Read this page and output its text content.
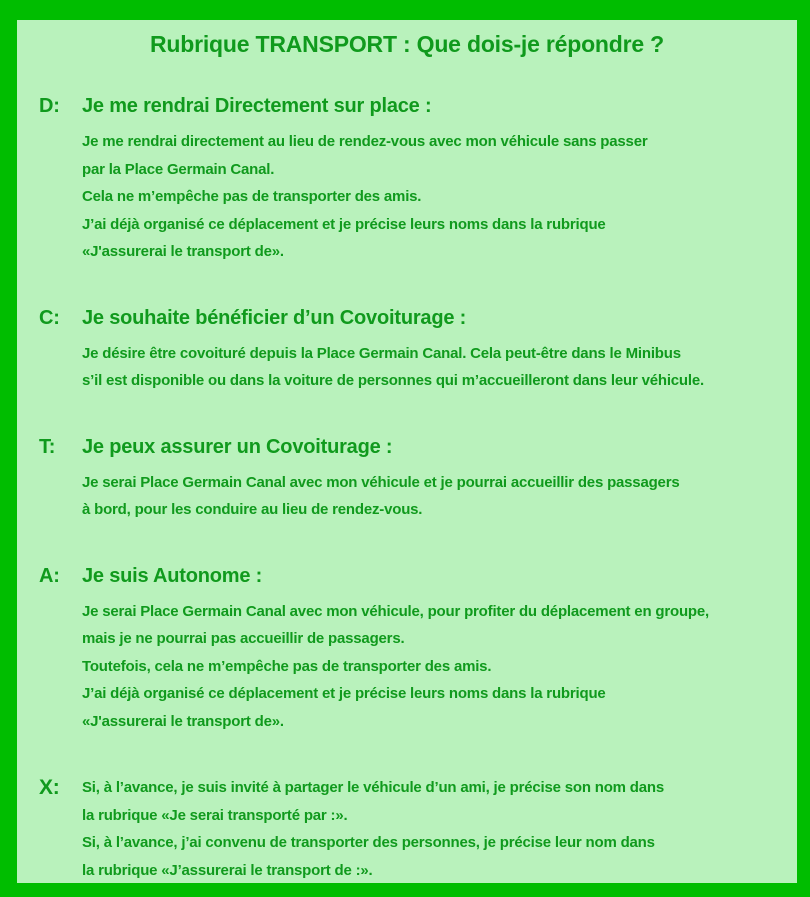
Rubrique TRANSPORT : Que dois-je répondre ?
D:	Je me rendrai Directement sur place :
Je me rendrai directement au lieu de rendez-vous avec mon véhicule sans passer
par la Place Germain Canal.
Cela ne m’empêche pas de transporter des amis.
J’ai déjà organisé ce déplacement et je précise leurs noms dans la rubrique
«J'assurerai le transport de».
C:	Je souhaite bénéficier d’un Covoiturage :
Je désire être covoituré depuis la Place Germain Canal. Cela peut-être dans le Minibus
s’il est disponible ou dans la voiture de personnes qui m’accueilleront dans leur véhicule.
T:	Je peux assurer un Covoiturage :
Je serai Place Germain Canal avec mon véhicule et je pourrai accueillir des passagers
à bord, pour les conduire au lieu de rendez-vous.
A:	Je suis Autonome :
Je serai Place Germain Canal avec mon véhicule, pour profiter du déplacement en groupe,
mais je ne pourrai pas accueillir de passagers.
Toutefois, cela ne m’empêche pas de transporter des amis.
J’ai déjà organisé ce déplacement et je précise leurs noms dans la rubrique
«J'assurerai le transport de».
X:	Si, à l’avance, je suis invité à partager le véhicule d’un ami, je précise son nom dans
la rubrique «Je serai transporté par :».
Si, à l’avance, j’ai convenu de transporter des personnes, je précise leur nom dans
la rubrique «J’assurerai le transport de :».
